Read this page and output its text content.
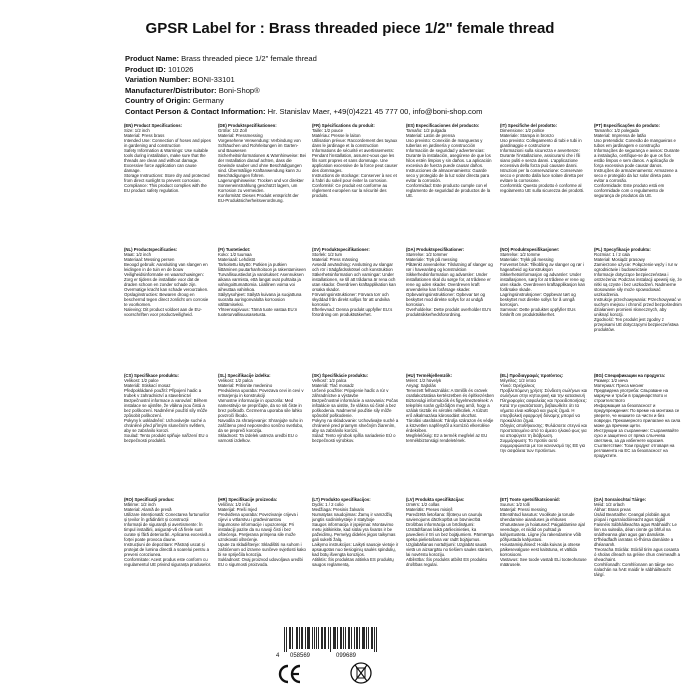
GPSR Label for : Brass threaded piece 1/2" female thread
Product Name: Brass threaded piece 1/2" female thread
Product ID: 101026
Variation Number: BONI-33101
Manufacturer/Distributor: Boni-Shop®
Country of Origin: Germany
Contact Person & Contact Information: Hr. Stanislav Maer, +49(0)4221 45 777 00, info@boni-shop.com
(EN) Product Specifications:
Size: 1/2 inch
Material: Press brass
Intended Use: Connection of hoses and pipes in gardening and construction
Safety Information & Warnings: Use suitable tools during installation, make sure that the threads are clean and without damage. Excessive force application can cause damage.
Storage Instructions: Store dry and protected from direct sunlight to prevent corrosion.
Compliance: This product complies with the EU product safety regulation.
(DE) Produktspezifikationen:
Größe: 1/2 Zoll
Material: Pressmessing
Vorgesehene Verwendung: Verbindung von Schläuchen und Rohrleitungen im Garten- und Bauwesen
Sicherheitsinformationen & Warnhinweise: Bei der Installation darauf achten, dass die Gewinde sauber und ohne Beschädigungen sind. Übermäßige Kraftanwendung kann zu Beschädigungen führen.
Lagerungshinweise: Trocken und vor direkter Sonneneinstrahlung geschützt lagern, um Korrosion zu vermeiden.
Konformität: Dieses Produkt entspricht der EU-Produktsicherheitsverordnung.
(FR) Spécifications du produit:
Taille: 1/2 pouce
Matériau: Presse le laiton
Utilisation prévue: Raccordement des tuyaux dans le jardinage et la construction
Informations de sécurité et avertissements: Pendant l'installation, assurez-vous que les fils sont propres et sans dommage. Une application excessive de la force peut causer des dommages.
Instructions de stockage: Conserver à sec et à l'abri du soleil pour éviter la corrosion.
Conformité: Ce produit est conforme au règlement européen sur la sécurité des produits.
(ES) Especificaciones del producto:
Tamaño: 1/2 pulgada
Material: Latón de prensa
Uso previsto: Conexión de mangueras y tuberías en jardinería y construcción
Información de seguridad y advertencias: Durante la instalación, asegúrese de que los hilos estén limpios y sin daños. La aplicación excesiva de fuerza puede causar daños.
Instrucciones de almacenamiento: Guarde seco y protegido de la luz solar directa para evitar la corrosión.
Conformidad: Este producto cumple con el reglamento de seguridad de productos de la UE.
(IT) Specifiche del prodotto:
Dimensione: 1/2 pollice
Materiale: Stampa in bronzo
Uso previsto: Collegamento di tubi e tubi in giardinaggio e costruzione
Informazioni sulla sicurezza e avvertenze: Durante l'installazione, assicurarsi che i fili siano puliti e senza danni. L'applicazione eccessiva della forza può causare danni.
Istruzioni per la conservazione: Conservare secco e protetto dalla luce solare diretta per evitare la corrosione.
Conformità: Questo prodotto è conforme al regolamento UE sulla sicurezza dei prodotti.
(PT) Especificações do produto:
Tamanho: 1/2 polegada
Material: Imprensa de latão
Uso pretendido: Conexão de mangueiras e tubos em jardinagem e construção
Informações de segurança e avisos: Durante a instalação, certifique-se de que os fios estão limpos e sem danos. A aplicação de força excessiva pode causar danos.
Instruções de armazenamento: Armazene a seco e protegido da luz solar direta para evitar a corrosão.
Conformidade: Este produto está em conformidade com o regulamento de segurança de produtos da UE.
(NL) Productspecificaties:
Maat: 1/2 inch
Materiaal: Messing persen
Beoogd gebruik: Aansluiting van slangen en leidingen in de tuin en de bouw
Veiligheidsinformatie en waarschuwingen: Zorg er tijdens de installatie voor dat de draden schoon en zonder schade zijn. Overmatige kracht kan schade veroorzaken.
Opslaginstructies: Bewaren droog en beschermd tegen direct zonlicht om corrosie te voorkomen.
Naleving: Dit product voldoet aan de EU-voorschriften voor productveiligheid.
(FI) Tuotetiedot:
Koko: 1/2 tuumaa
Materiaali: Lehdistö
Tarkoitettu käyttö: Putkien ja putkien liittäminen puutarhanhoitoon ja rakentamiseen
Turvallisuustiedot ja varoitukset: Asennuksen aikana varmista, että langat ovat puhtaita ja vahingoittumattomia. Liiallinen voima voi aiheuttaa vahinkoa.
Säilytysohjeet: Säilytä kuivana ja suojattuna suoralta auringonvalolta korroosion välttämiseksi.
Yhteensopivuus: Tämä tuote vastaa EU:n tuoteturvallisuusasetusta.
(SV) Produktspecifikationer:
Storlek: 1/2 tum
Material: Press mässing
Avsedd användning: Anslutning av slangar och rör i trädgårdsskötsel och konstruktion
Säkerhetsinformation och varningar: Under installationen, se till att trådarna är rena och utan skador. Överdriven kraftapplikation kan orsaka skador.
Förvaringsinstruktioner: Förvara torr och skyddad från direkt solljus för att undvika korrosion.
Efterlevnad: Denna produkt uppfyller EU:s förordning om produktsäkerhet.
(DA) Produktspecifikationer:
Størrelse: 1/2 tommer
Materiale: Tryk på messing
Påtænkt anvendelse: Tilslutning af slanger og rør i haveanlæg og konstruktion
Sikkerhedsinformation og advarsler: Under installationen skal du sørge for, at trådene er rene og uden skader. Overdreven kraft anvendelse kan forårsage skader.
Opbevaringsinstruktioner: Opbevar tør og beskyttet mod direkte sollys for at undgå korrosion.
Overholdelse: Dette produkt overholder EU's produktsikkerhedsforordning.
(NO) Produktspesifikasjoner:
Størrelse: 1/2 tomme
Materiale: Trykk på messing
Forventet bruk: Tilkobling av slanger og rør i hagearbeid og konstruksjon
Sikkerhetsinformasjon og advarsler: Under installasjonen, sørg for at trådene er rene og uten skade. Overdreven kraftapplikasjon kan forårsake skade.
Lagringsinstruksjoner: Oppbevar tørt og beskyttet mot direkte sollys for å unngå korrosjon.
Samsvar: Dette produktet oppfyller EUs forskrift om produktsikkerhet.
(PL) Specyfikacje produktu:
Rozmiar: 1 / 2 cala
Materiał: Mosiądz prasowy
Zamierzone użycie: Połączenie węży i rur w ogrodnictwie i budownictwie
Informacje dotyczące bezpieczeństwa i ostrzeżenia: Podczas instalacji upewnij się, że nitki są czyste i bez uszkodzeń. Nadmierne stosowanie siły może spowodować uszkodzenia.
Instrukcje przechowywania: Przechowywać w suchym miejscu i chronić przed bezpośrednim działaniem promieni słonecznych, aby uniknąć korozji.
Zgodność: Ten produkt jest zgodny z przepisami UE dotyczącymi bezpieczeństwa produktów.
(CS) Specifikace produktu:
Velikost: 1/2 palce
Materiál: Stiskací mosaz
Předpokládané použití: Připojení hadic a trubek v zahradnictví a stavebnictví
Bezpečnostní informace a varování: Během instalace se ujistěte, že vlákna jsou čistá a bez poškození. Nadměrné použití síly může způsobit poškození.
Pokyny k uskladnění: Uchovávejte suché a chráněné před přímým slunečním světlem, aby se zabránilo korozi.
Soulad: Tento produkt splňuje nařízení EU o bezpečnosti produktů.
(SL) Specifikacije izdelka:
Velikost: 1/2 palca
Material: Pritisnite medenino
Predvidena uporaba: Povezava cevi in cevi v vrtnarjenju in konstrukciji
Varnostne informacije in opozorila: Med namestitvijo se prepričajte, da so niti čiste in brez poškodb. Čezmerna uporaba sile lahko povzroči škodo.
Navodila za shranjevanje: Shranjujte suho in zaščiteno pred neposredno sončno svetlobo, da se prepreči korozija.
Skladnost: Ta izdelek ustreza uredbi EU o varnosti izdelkov.
(SK) Špecifikácie produktu:
Veľkosť: 1/2 palca
Materiál: Tlač mosadz
Určené použitie: Pripojenie hadíc a rúr v záhradníctve a výstavbe
Bezpečnostné informácie a varovania: Počas inštalácie sa uistite, že vlákna sú čisté a bez poškodenia. Nadmerné použitie sily môže spôsobiť poškodenie.
Pokyny na skladovanie: Uchovávajte suché a chránené pred priamym slnečným žiarením, aby sa zabránilo korózii.
Súlad: Tento výrobok spĺňa nariadenie EÚ o bezpečnosti výrobkov.
(HU) Termékjellemzők:
Méret: 1/2 hüvelyk
Anyag: Sajtolás
Tervezett felhasználás: A tömlők és csövek csatlakoztatása kertészetben és építkezésben
Biztonsági információk és figyelmeztetések: A telepítés során győződjön meg arról, hogy a szálak tiszták és sérülés nélküliek. A túlzott erő alkalmazása károsodást okozhat.
Tárolási utasítások: Tárolja szárazon és védje a közvetlen napfénytől a korrózió elkerülése érdekében.
Megfelelőség: Ez a termék megfelel az EU termékbiztonsági rendeletének.
(EL) Προδιαγραφές προϊόντος:
Μέγεθος: 1/2 ίντσα
Υλικό: Ορείχαλκος
Προβλεπόμενη χρήση: Σύνδεση σωλήνων και σωλήνων στην κηπουρική και την κατασκευή
Πληροφορίες ασφαλείας και προειδοποιήσεις: Κατά την εγκατάσταση, βεβαιωθείτε ότι τα νήματα είναι καθαρά και χωρίς ζημιά. Η υπερβολική εφαρμογή δύναμης μπορεί να προκαλέσει ζημιά.
Οδηγίες αποθήκευσης: Φυλάσσετε στεγνό και προστατευμένο από το άμεσο ηλιακό φως για να αποφύγετε τη διάβρωση.
Συμμόρφωση: Το προϊόν αυτό συμμορφώνεται με τον κανονισμό της ΕΕ για την ασφάλεια των προϊόντων.
(BG) Спецификации на продукта:
Размер: 1/2 инча
Материал: Преса месинг
Предвидена употреба: Свързване на маркучи и тръби в градинарството и строителството
Информация за безопасност и предупреждения: По време на монтажа се уверете, че нишките са чисти и без повреди. Прекомерното прилагане на сила може да причини щети.
Инструкции за съхранение: Съхранявайте сухо и защитено от пряка слънчева светлина, за да избегнете корозия.
Съответствие: Този продукт отговаря на регламента на ЕС за безопасност на продуктите.
(RO) Specificații produs:
Mărime: 1/2 inch
Material: Alamă de presă
Utilizare intenționată: Conectarea furtunurilor și țevilor în grădinărit și construcții
Informații de siguranță și avertismente: În timpul instalării, asigurați-vă că firele sunt curate și fără deteriorări. Aplicarea excesivă a forței poate provoca daune.
Instrucțiuni de depozitare: Păstrați uscat și protejat de lumina directă a soarelui pentru a preveni coroziunea.
Conformitate: Acest produs este conform cu regulamentul UE privind siguranța produselor.
(HR) Specifikacije proizvoda:
Veličina: 1/2 inča
Materijal: Preši mjed
Predviđena uporaba: Povezivanje crijeva i cijevi u vrtlarstvu i građevinarstvu
Sigurnosne informacije i upozorenja: Pri instalaciji pazite da su navoji čisti i bez oštećenja. Pretjerana primjena sile može uzrokovati oštećenje.
Upute za skladištenje: Skladištiti na suhom i zaštićenom od izravne sunčeve svjetlosti kako bi se spriječila korozija.
Sukladnost: Ovaj proizvod udovoljava uredbi EU o sigurnosti proizvoda.
(LT) Produkto specifikacijos:
Dydis: 1 / 2 colio
Medžiaga: Presinis žalvaris
Numatytas naudojimas: Žarnų ir vamzdžių jungtis sodininkystėje ir statyboje
Saugos informacija ir įspėjimai: Montavimo metu įsitikinkite, kad siūlai yra švarūs ir be pažeidimų. Pernelyg didelės jėgos taikymas gali sukelti žalą.
Laikymo instrukcijos: Laikyti sausoje vietoje ir apsaugotas nuo tiesioginių saulės spindulių, kad būtų išvengta korozijos.
Atitiktis: Šis produktas atitinka ES produktų saugos reglamentą.
(LV) Produkta specifikācijas:
Izmērs: 1/2 collas
Materiāls: Preses misiņš
Paredzētā lietošana: Šļūteņu un cauruļu savienojums dārzkopībā un būvniecībā
Drošības informācija un brīdinājumi: Uzstādīšanas laikā pārliecinieties, ka pavedieni ir tīri un bez bojājumiem. Pārmērīga spēka pielietošana var radīt bojājumus.
Uzglabāšanas norādījumi: Uzglabāt sausā vietā un aizsargātu no tiešiem saules stariem, lai novērstu koroziju.
Atbilstība: Šis produkts atbilst ES produktu drošības regulai.
(ET) Toote spetsifikatsioonid:
Suurus: 1/2 tolli
Materjal: Pressi messing
Ettenähtud kasutus: Voolikute ja torude ühendamine aianduses ja ehituses
Ohutusteave ja hoiatused: Paigaldamise ajal veenduge, et niidid on puhtad ja kahjustusteta. Liigne jõu rakendamine võib põhjustada kahjustusi.
Hoiustamisjuhised: Hoida kuivas ja otsese päikesevalguse eest kaitstuna, et vältida korrosiooni.
Vastavus: See toode vastab ELi tooteohutuse määrusele.
(GA) Sonraíochtaí Táirge:
Méid: 1/2 orlach
Ábhar: Brass preas
Úsáid Beartaithe: Ceangal píobáin agus píopaí i ngarraíodóireacht agus tógáil
Faisnéis Sábháilteachta agus Rabhaidh: Le linn na suiteála, déan cinnte go bhfuil na snáitheanna glan agus gan damáiste. D'fhéadfadh iarratas ró-fhórsa damáiste a dhéanamh.
Treoracha Stórála: Stóráil tirim agus cosanta ó sholas díreach na gréine chun creimeadh a sheachaint.
Comhlíonadh: Comhlíonann an táirge seo rialachán na hAE maidir le sábháilteacht táirgí.
4 058569	099689
